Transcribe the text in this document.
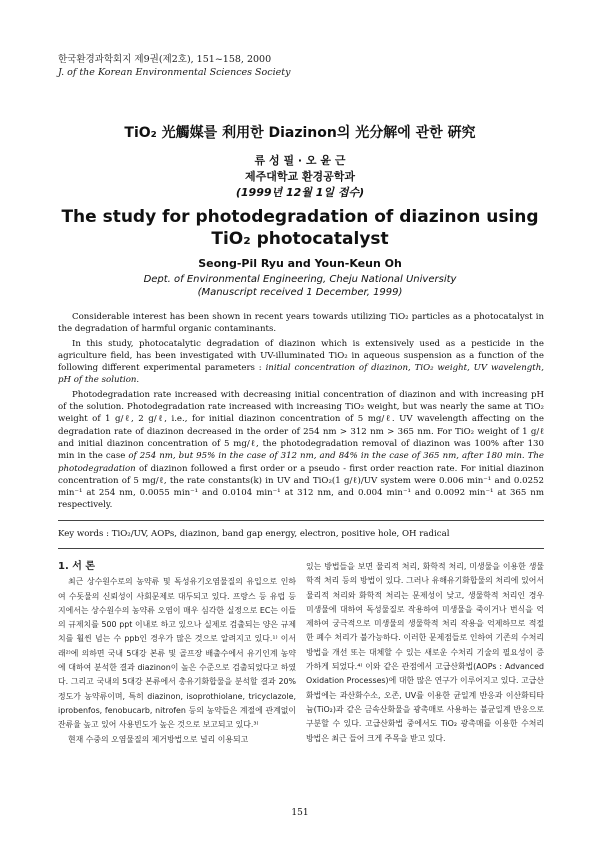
한국환경과학회지 제9권(제2호), 151~158, 2000
J. of the Korean Environmental Sciences Society
TiO₂ 光觸媒를 利用한 Diazinon의 光分解에 관한 硏究
류 성 필 · 오 윤 근
제주대학교 환경공학과
(1999년 12월 1일 접수)
The study for photodegradation of diazinon using
TiO₂ photocatalyst
Seong-Pil Ryu and Youn-Keun Oh
Dept. of Environmental Engineering, Cheju National University
(Manuscript received 1 December, 1999)

Considerable interest has been shown in recent years towards utilizing TiO₂ particles as a photocatalyst in the degradation of harmful organic contaminants.

In this study, photocatalytic degradation of diazinon which is extensively used as a pesticide in the agriculture field, has been investigated with UV-illuminated TiO₂ in aqueous suspension as a function of the following different experimental parameters : initial concentration of diazinon, TiO₂ weight, UV wavelength, pH of the solution.

Photodegradation rate increased with decreasing initial concentration of diazinon and with increasing pH of the solution. Photodegradation rate increased with increasing TiO₂ weight, but was nearly the same at TiO₂ weight of 1 g/ℓ, 2 g/ℓ, i.e., for initial diazinon concentration of 5 mg/ℓ. UV wavelength affecting on the degradation rate of diazinon decreased in the order of 254 nm > 312 nm > 365 nm. For TiO₂ weight of 1 g/ℓ and initial diazinon concentration of 5 mg/ℓ, the photodegradation removal of diazinon was 100% after 130 min in the case of 254 nm, but 95% in the case of 312 nm, and 84% in the case of 365 nm, after 180 min. The photodegradation of diazinon followed a first order or a pseudo - first order reaction rate. For initial diazinon concentration of 5 mg/ℓ, the rate constants(k) in UV and TiO₂(1 g/ℓ)/UV system were 0.006 min⁻¹ and 0.0252 min⁻¹ at 254 nm, 0.0055 min⁻¹ and 0.0104 min⁻¹ at 312 nm, and 0.004 min⁻¹ and 0.0092 min⁻¹ at 365 nm respectively.

Key words : TiO₂/UV, AOPs, diazinon, band gap energy, electron, positive hole, OH radical
1. 서 론

최근 상수원수로의 농약류 및 독성유기오염물질의 유입으로 인하여 수돗물의 신뢰성이 사회문제로 대두되고 있다. 프랑스 등 유럽 등지에서는 상수원수의 농약류 오염이 매우 심각한 실정으로 EC는 이들의 규제치를 500 ppt 이내로 하고 있으나 실제로 검출되는 양은 규제치를 훨씬 넘는 수 ppb인 경우가 많은 것으로 알려지고 있다.¹⁾ 이서래²⁾에 의하면 국내 5대강 본류 및 골프장 배출수에서 유기인계 농약에 대하여 분석한 결과 diazinon이 높은 수준으로 검출되었다고 하였다. 그리고 국내의 5대강 본류에서 총유기화합물을 분석할 결과 20% 정도가 농약류이며, 특히 diazinon, isoprothiolane, tricyclazole, iprobenfos, fenobucarb, nitrofen 등의 농약들은 계절에 관계없이 잔류율 높고 있어 사용빈도가 높은 것으로 보고되고 있다.³⁾

현재 수중의 오염물질의 제거방법으로 널리 이용되고

있는 방법들을 보면 물리적 처리, 화학적 처리, 미생물을 이용한 생물학적 처리 등의 방법이 있다. 그러나 유해유기화합물의 처리에 있어서 물리적 처리와 화학적 처리는 문제성이 낮고, 생물학적 처리인 경우 미생물에 대하여 독성물질로 작용하여 미생물을 죽이거나 번식을 억제하여 궁극적으로 미생물의 생물학적 처리 작용을 억제하므로 적절한 폐수 처리가 불가능하다. 이러한 문제점들로 인하여 기존의 수처리 방법을 개선 또는 대체할 수 있는 새로운 수처리 기술의 필요성이 증가하게 되었다.⁴⁾ 이와 같은 관점에서 고급산화법(AOPs : Advanced Oxidation Processes)에 대한 많은 연구가 이루어지고 있다. 고급산화법에는 과산화수소, 오존, UV를 이용한 균일계 반응과 이산화티타늄(TiO₂)과 같은 금속산화물을 광촉매로 사용하는 불균일계 반응으로 구분할 수 있다. 고급산화법 중에서도 TiO₂ 광촉매를 이용한 수처리 방법은 최근 들어 크게 주목을 받고 있다.

151
